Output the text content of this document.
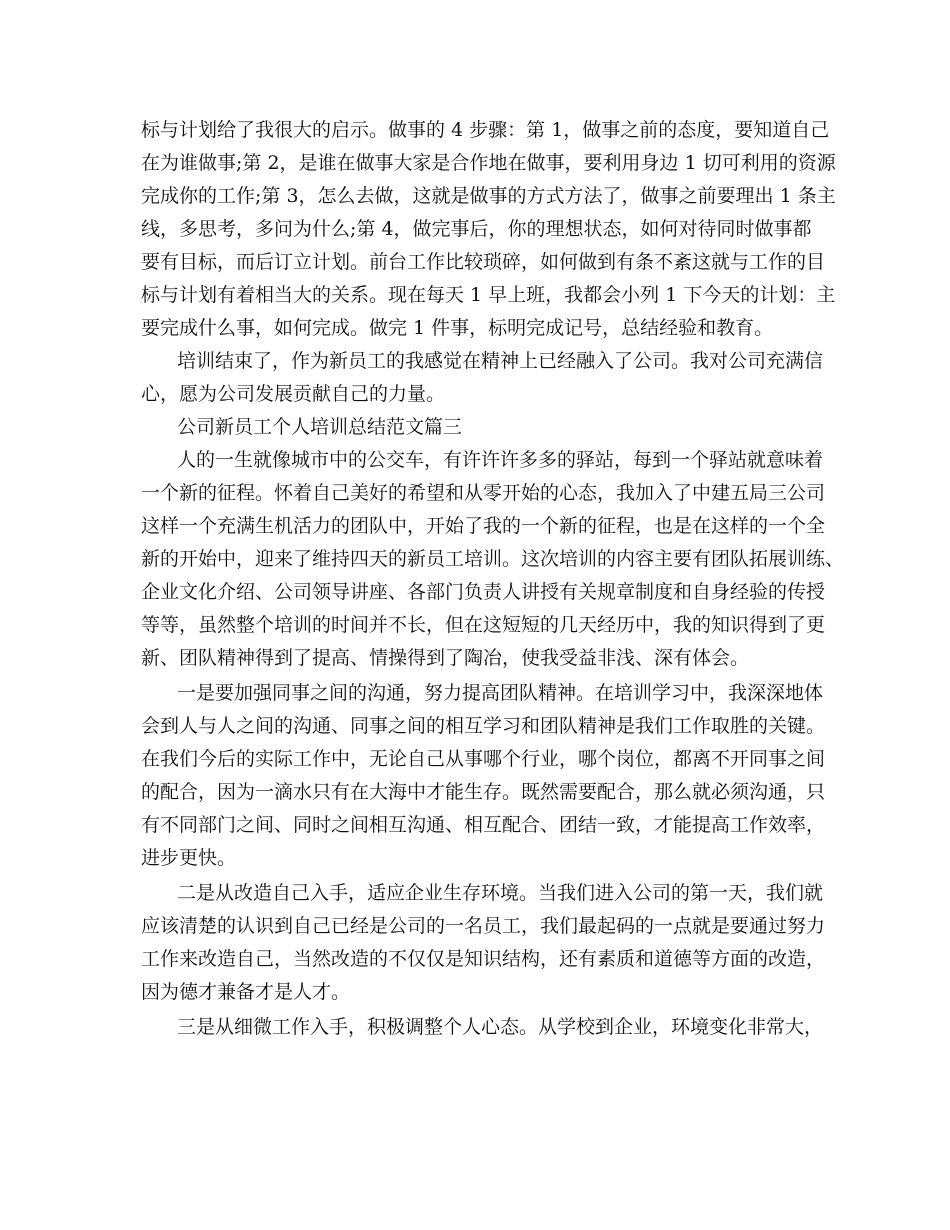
标与计划给了我很大的启示。做事的 4 步骤：第 1，做事之前的态度，要知道自己
在为谁做事;第 2，是谁在做事大家是合作地在做事，要利用身边 1 切可利用的资源
完成你的工作;第 3，怎么去做，这就是做事的方式方法了，做事之前要理出 1 条主
线，多思考，多问为什么;第 4，做完事后，你的理想状态，如何对待同时做事都
要有目标，而后订立计划。前台工作比较琐碎，如何做到有条不紊这就与工作的目
标与计划有着相当大的关系。现在每天 1 早上班，我都会小列 1 下今天的计划：主
要完成什么事，如何完成。做完 1 件事，标明完成记号，总结经验和教育。
培训结束了，作为新员工的我感觉在精神上已经融入了公司。我对公司充满信
心，愿为公司发展贡献自己的力量。
公司新员工个人培训总结范文篇三
人的一生就像城市中的公交车，有许许许多多的驿站，每到一个驿站就意味着
一个新的征程。怀着自己美好的希望和从零开始的心态，我加入了中建五局三公司
这样一个充满生机活力的团队中，开始了我的一个新的征程，也是在这样的一个全
新的开始中，迎来了维持四天的新员工培训。这次培训的内容主要有团队拓展训练、
企业文化介绍、公司领导讲座、各部门负责人讲授有关规章制度和自身经验的传授
等等，虽然整个培训的时间并不长，但在这短短的几天经历中，我的知识得到了更
新、团队精神得到了提高、情操得到了陶冶，使我受益非浅、深有体会。
一是要加强同事之间的沟通，努力提高团队精神。在培训学习中，我深深地体
会到人与人之间的沟通、同事之间的相互学习和团队精神是我们工作取胜的关键。
在我们今后的实际工作中，无论自己从事哪个行业，哪个岗位，都离不开同事之间
的配合，因为一滴水只有在大海中才能生存。既然需要配合，那么就必须沟通，只
有不同部门之间、同时之间相互沟通、相互配合、团结一致，才能提高工作效率，
进步更快。
二是从改造自己入手，适应企业生存环境。当我们进入公司的第一天，我们就
应该清楚的认识到自己已经是公司的一名员工，我们最起码的一点就是要通过努力
工作来改造自己，当然改造的不仅仅是知识结构，还有素质和道德等方面的改造，
因为德才兼备才是人才。
三是从细微工作入手，积极调整个人心态。从学校到企业，环境变化非常大，
